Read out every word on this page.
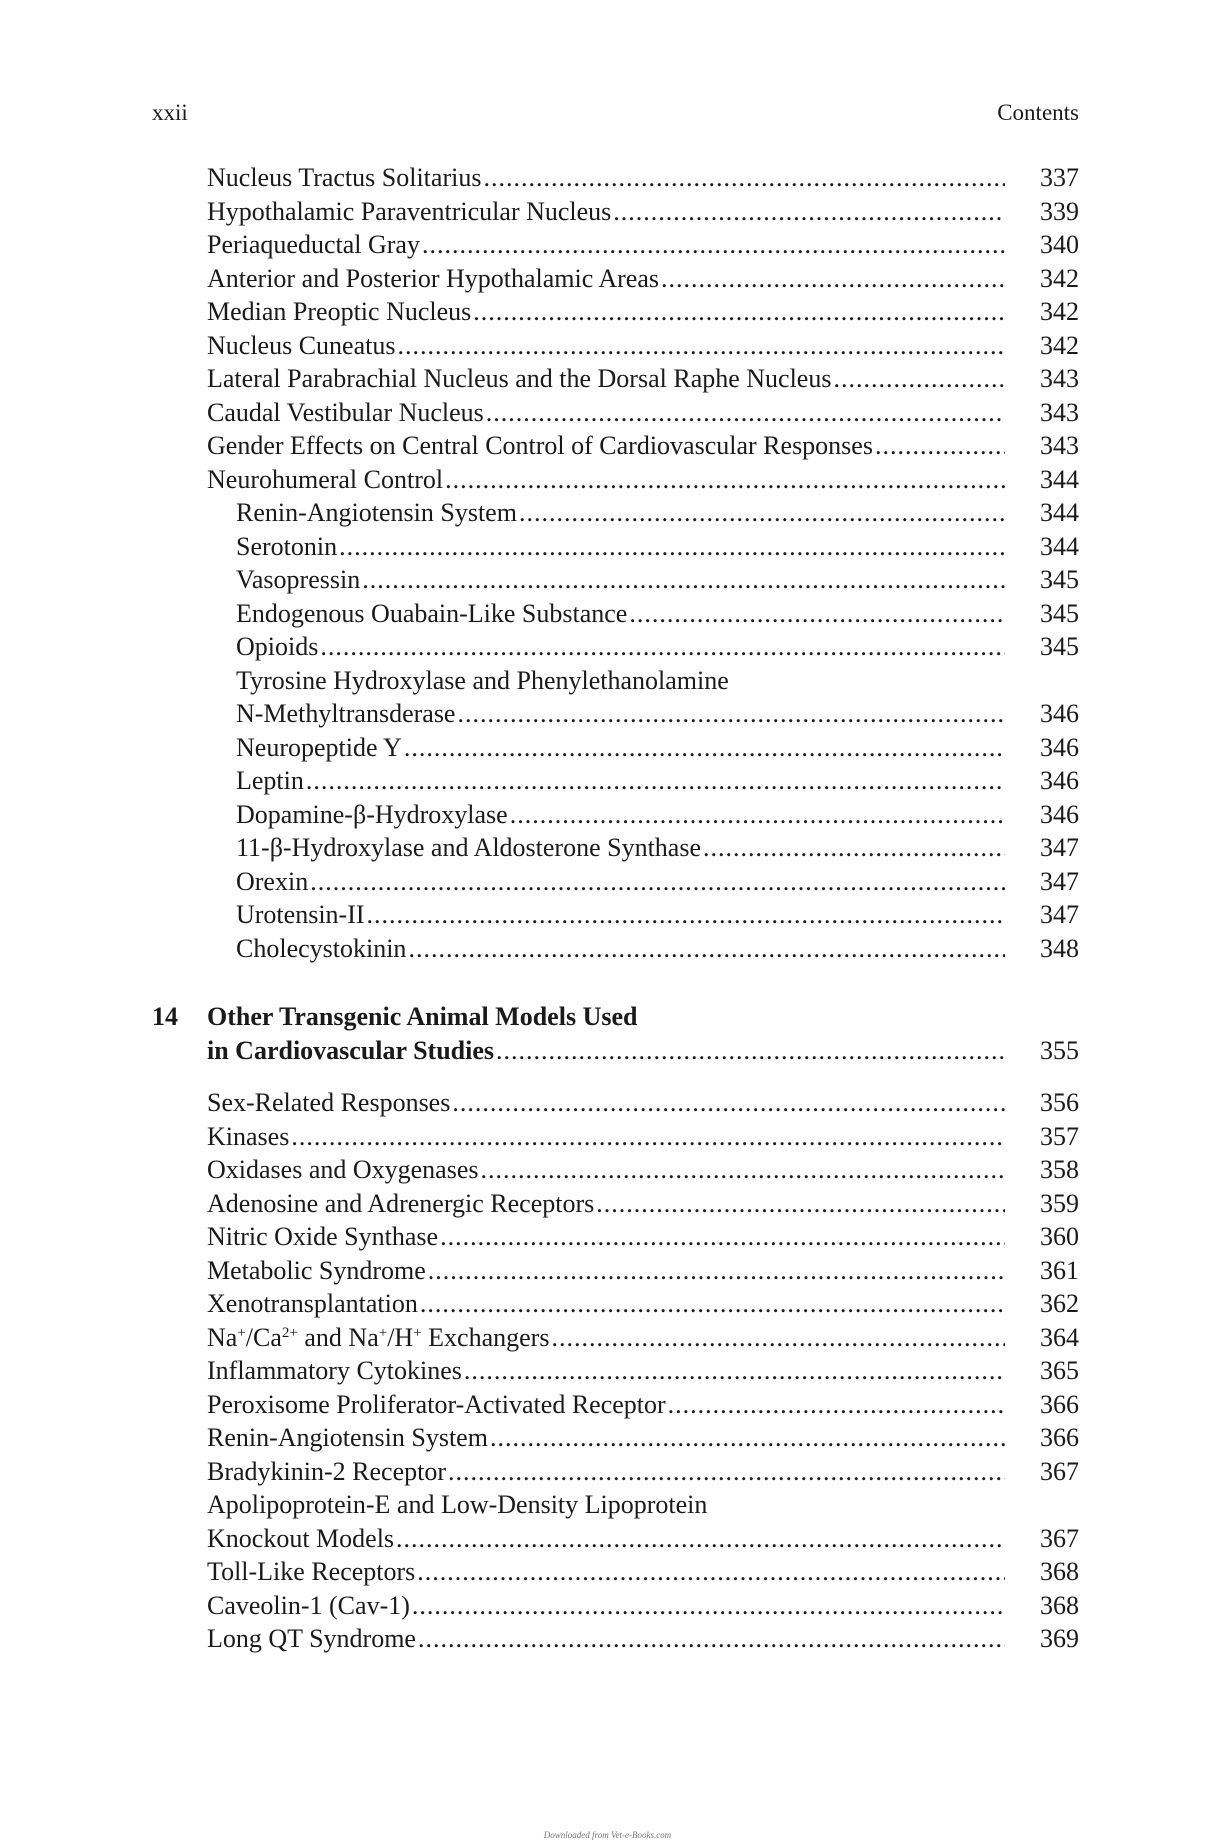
xxii	Contents
Nucleus Tractus Solitarius .....	337
Hypothalamic Paraventricular Nucleus .....	339
Periaqueductal Gray .....	340
Anterior and Posterior Hypothalamic Areas .....	342
Median Preoptic Nucleus .....	342
Nucleus Cuneatus .....	342
Lateral Parabrachial Nucleus and the Dorsal Raphe Nucleus .....	343
Caudal Vestibular Nucleus .....	343
Gender Effects on Central Control of Cardiovascular Responses .....	343
Neurohumeral Control .....	344
Renin-Angiotensin System .....	344
Serotonin .....	344
Vasopressin .....	345
Endogenous Ouabain-Like Substance .....	345
Opioids .....	345
Tyrosine Hydroxylase and Phenylethanolamine
N-Methyltransderase .....	346
Neuropeptide Y .....	346
Leptin .....	346
Dopamine-β-Hydroxylase .....	346
11-β-Hydroxylase and Aldosterone Synthase .....	347
Orexin .....	347
Urotensin-II .....	347
Cholecystokinin .....	348
14 Other Transgenic Animal Models Used
in Cardiovascular Studies .....	355
Sex-Related Responses .....	356
Kinases .....	357
Oxidases and Oxygenases .....	358
Adenosine and Adrenergic Receptors .....	359
Nitric Oxide Synthase .....	360
Metabolic Syndrome .....	361
Xenotransplantation .....	362
$Na^+/Ca^{2+}$ and Na+/H+ Exchangers .....	364
Inflammatory Cytokines .....	365
Peroxisome Proliferator-Activated Receptor .....	366
Renin-Angiotensin System .....	366
Bradykinin-2 Receptor .....	367
Apolipoprotein-E and Low-Density Lipoprotein
Knockout Models .....	367
Toll-Like Receptors .....	368
Caveolin-1 (Cav-1) .....	368
Long QT Syndrome .....	369
Downloaded from Vet-e-Books.com
